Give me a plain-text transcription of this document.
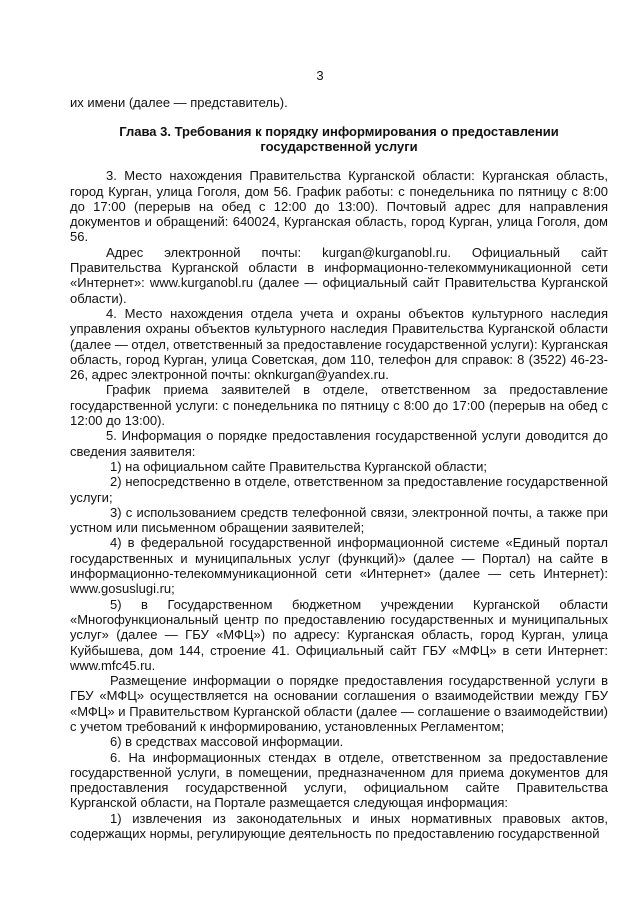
3

их имени (далее — представитель).

Глава 3. Требования к порядку информирования о предоставлении государственной услуги

3. Место нахождения Правительства Курганской области: Курганская область, город Курган, улица Гоголя, дом 56. График работы: с понедельника по пятницу с 8:00 до 17:00 (перерыв на обед с 12:00 до 13:00). Почтовый адрес для направления документов и обращений: 640024, Курганская область, город Курган, улица Гоголя, дом 56.

Адрес электронной почты: kurgan@kurganobl.ru. Официальный сайт Правительства Курганской области в информационно-телекоммуникационной сети «Интернет»: www.kurganobl.ru (далее — официальный сайт Правительства Курганской области).

4. Место нахождения отдела учета и охраны объектов культурного наследия управления охраны объектов культурного наследия Правительства Курганской области (далее — отдел, ответственный за предоставление государственной услуги): Курганская область, город Курган, улица Советская, дом 110, телефон для справок: 8 (3522) 46-23-26, адрес электронной почты: oknkurgan@yandex.ru.

График приема заявителей в отделе, ответственном за предоставление государственной услуги: с понедельника по пятницу с 8:00 до 17:00 (перерыв на обед с 12:00 до 13:00).

5. Информация о порядке предоставления государственной услуги доводится до сведения заявителя:

1) на официальном сайте Правительства Курганской области;

2) непосредственно в отделе, ответственном за предоставление государственной услуги;

3) с использованием средств телефонной связи, электронной почты, а также при устном или письменном обращении заявителей;

4) в федеральной государственной информационной системе «Единый портал государственных и муниципальных услуг (функций)» (далее — Портал) на сайте в информационно-телекоммуникационной сети «Интернет» (далее — сеть Интернет): www.gosuslugi.ru;

5) в Государственном бюджетном учреждении Курганской области «Многофункциональный центр по предоставлению государственных и муниципальных услуг» (далее — ГБУ «МФЦ») по адресу: Курганская область, город Курган, улица Куйбышева, дом 144, строение 41. Официальный сайт ГБУ «МФЦ» в сети Интернет: www.mfc45.ru.

Размещение информации о порядке предоставления государственной услуги в ГБУ «МФЦ» осуществляется на основании соглашения о взаимодействии между ГБУ «МФЦ» и Правительством Курганской области (далее — соглашение о взаимодействии) с учетом требований к информированию, установленных Регламентом;

6) в средствах массовой информации.

6. На информационных стендах в отделе, ответственном за предоставление государственной услуги, в помещении, предназначенном для приема документов для предоставления государственной услуги, официальном сайте Правительства Курганской области, на Портале размещается следующая информация:

1) извлечения из законодательных и иных нормативных правовых актов, содержащих нормы, регулирующие деятельность по предоставлению государственной
